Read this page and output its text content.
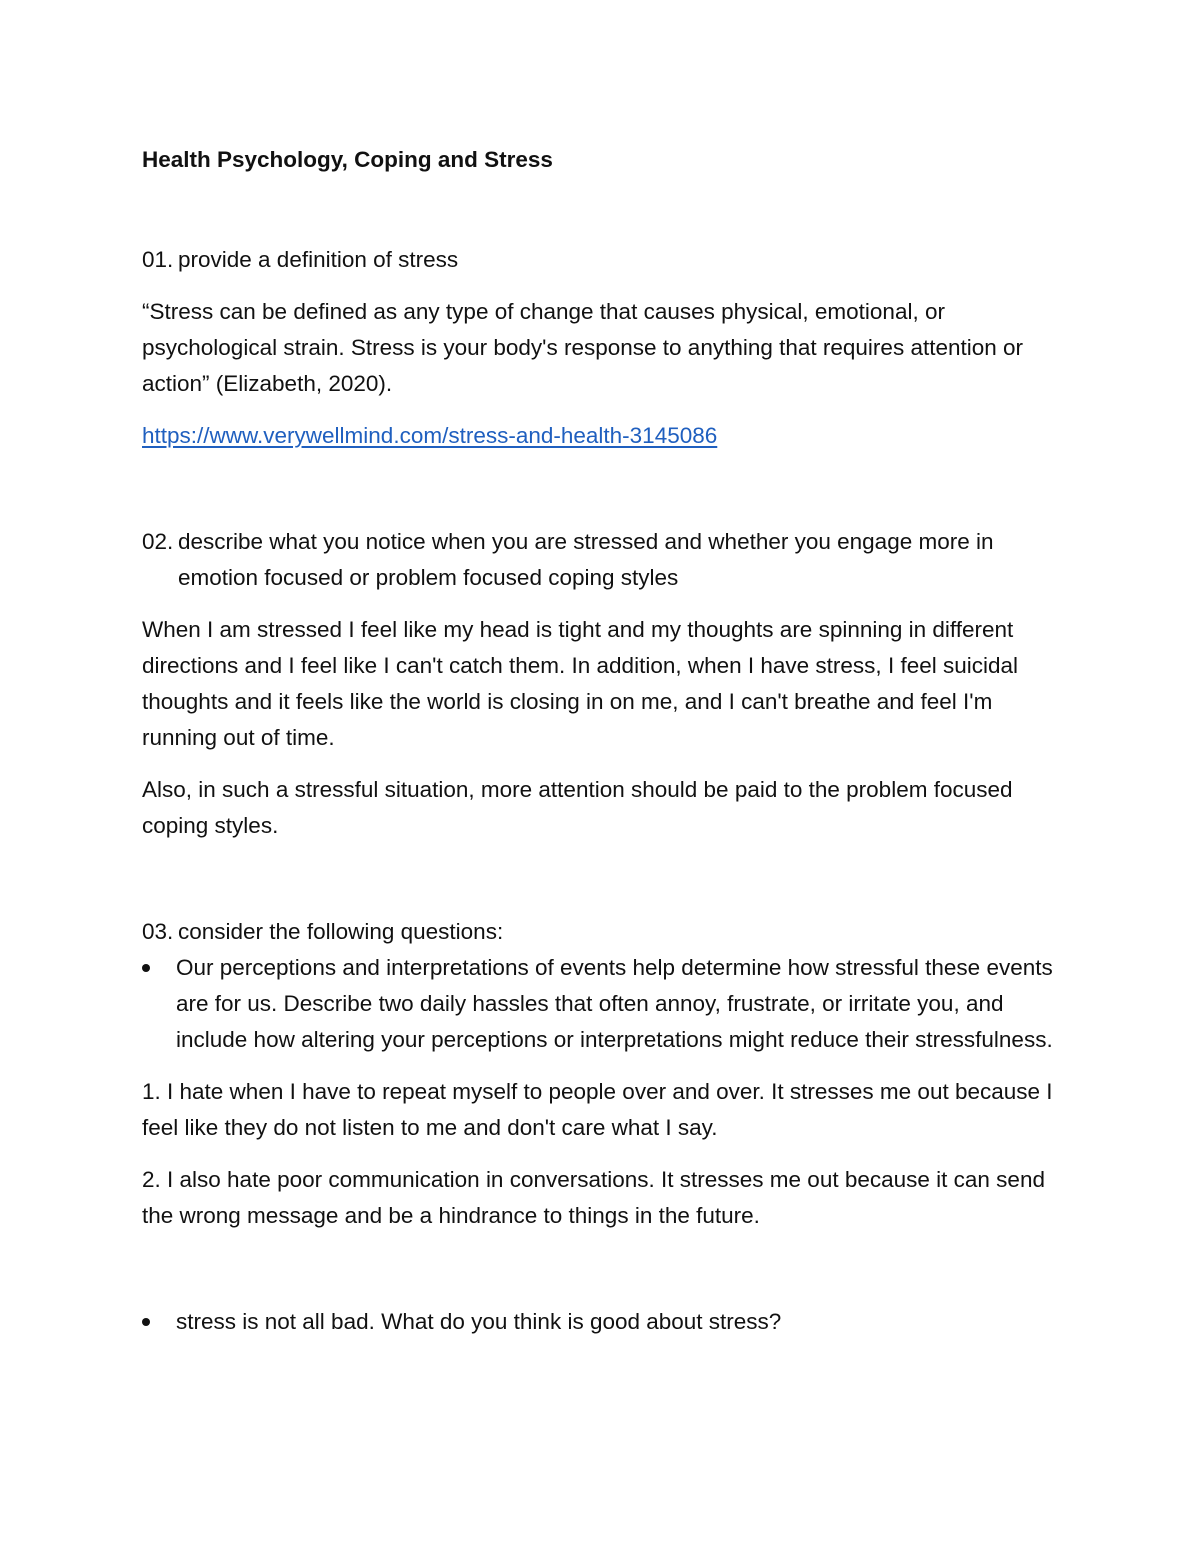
Health Psychology, Coping and Stress

01. provide a definition of stress

“Stress can be defined as any type of change that causes physical, emotional, or psychological strain. Stress is your body's response to anything that requires attention or action” (Elizabeth, 2020).

https://www.verywellmind.com/stress-and-health-3145086

02. describe what you notice when you are stressed and whether you engage more in emotion focused or problem focused coping styles

When I am stressed I feel like my head is tight and my thoughts are spinning in different directions and I feel like I can't catch them. In addition, when I have stress, I feel suicidal thoughts and it feels like the world is closing in on me, and I can't breathe and feel I'm running out of time.

Also, in such a stressful situation, more attention should be paid to the problem focused coping styles.

03. consider the following questions:

Our perceptions and interpretations of events help determine how stressful these events are for us. Describe two daily hassles that often annoy, frustrate, or irritate you, and include how altering your perceptions or interpretations might reduce their stressfulness.

1. I hate when I have to repeat myself to people over and over. It stresses me out because I feel like they do not listen to me and don't care what I say.

2. I also hate poor communication in conversations. It stresses me out because it can send the wrong message and be a hindrance to things in the future.

stress is not all bad. What do you think is good about stress?
